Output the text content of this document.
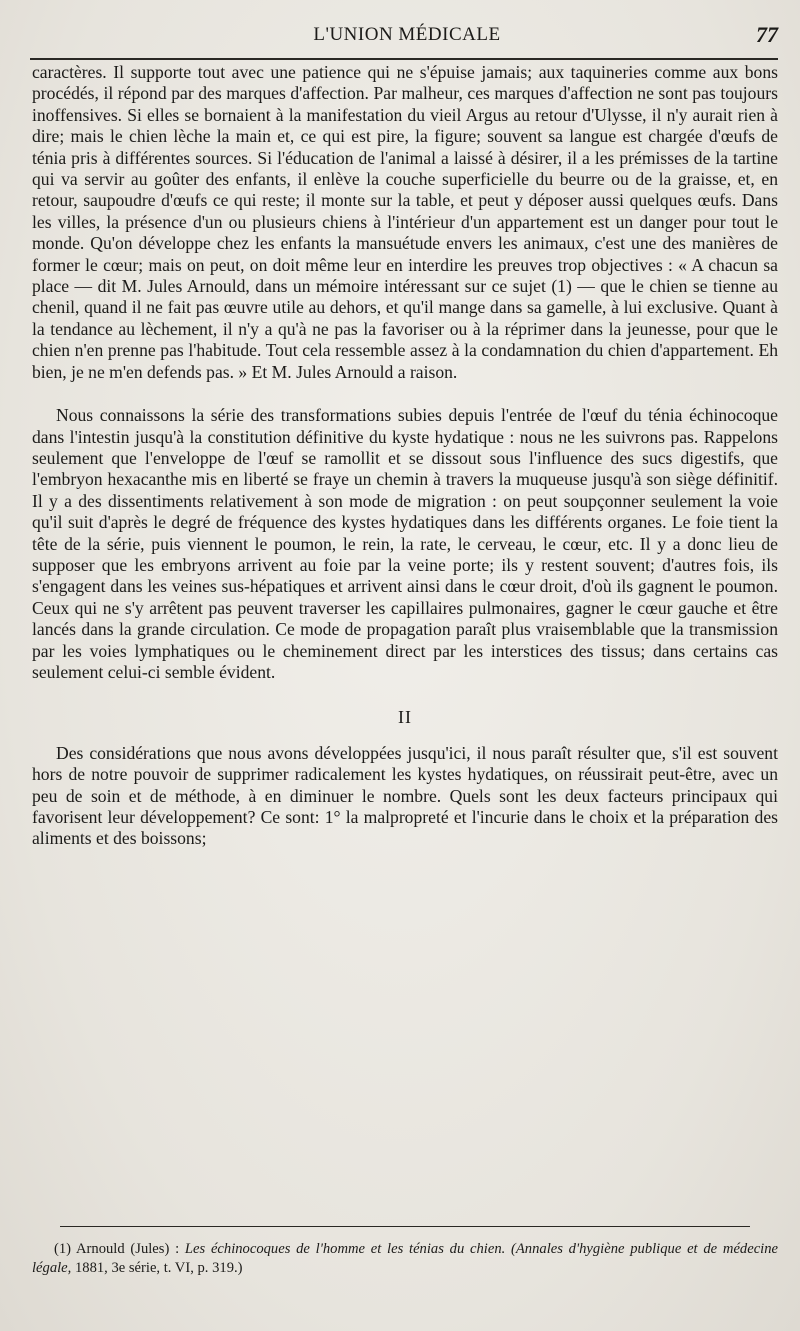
L'UNION MÉDICALE	77

caractères. Il supporte tout avec une patience qui ne s'épuise jamais; aux taquineries comme aux bons procédés, il répond par des marques d'affection. Par malheur, ces marques d'affection ne sont pas toujours inoffensives. Si elles se bornaient à la manifestation du vieil Argus au retour d'Ulysse, il n'y aurait rien à dire; mais le chien lèche la main et, ce qui est pire, la figure; souvent sa langue est chargée d'œufs de ténia pris à différentes sources. Si l'éducation de l'animal a laissé à désirer, il a les prémisses de la tartine qui va servir au goûter des enfants, il enlève la couche superficielle du beurre ou de la graisse, et, en retour, saupoudre d'œufs ce qui reste; il monte sur la table, et peut y déposer aussi quelques œufs. Dans les villes, la présence d'un ou plusieurs chiens à l'intérieur d'un appartement est un danger pour tout le monde. Qu'on développe chez les enfants la mansuétude envers les animaux, c'est une des manières de former le cœur; mais on peut, on doit même leur en interdire les preuves trop objectives : « A chacun sa place — dit M. Jules Arnould, dans un mémoire intéressant sur ce sujet (1) — que le chien se tienne au chenil, quand il ne fait pas œuvre utile au dehors, et qu'il mange dans sa gamelle, à lui exclusive. Quant à la tendance au lèchement, il n'y a qu'à ne pas la favoriser ou à la réprimer dans la jeunesse, pour que le chien n'en prenne pas l'habitude. Tout cela ressemble assez à la condamnation du chien d'appartement. Eh bien, je ne m'en defends pas. » Et M. Jules Arnould a raison.

Nous connaissons la série des transformations subies depuis l'entrée de l'œuf du ténia échinocoque dans l'intestin jusqu'à la constitution définitive du kyste hydatique : nous ne les suivrons pas. Rappelons seulement que l'enveloppe de l'œuf se ramollit et se dissout sous l'influence des sucs digestifs, que l'embryon hexacanthe mis en liberté se fraye un chemin à travers la muqueuse jusqu'à son siège définitif. Il y a des dissentiments relativement à son mode de migration : on peut soupçonner seulement la voie qu'il suit d'après le degré de fréquence des kystes hydatiques dans les différents organes. Le foie tient la tête de la série, puis viennent le poumon, le rein, la rate, le cerveau, le cœur, etc. Il y a donc lieu de supposer que les embryons arrivent au foie par la veine porte; ils y restent souvent; d'autres fois, ils s'engagent dans les veines sus-hépatiques et arrivent ainsi dans le cœur droit, d'où ils gagnent le poumon. Ceux qui ne s'y arrêtent pas peuvent traverser les capillaires pulmonaires, gagner le cœur gauche et être lancés dans la grande circulation. Ce mode de propagation paraît plus vraisemblable que la transmission par les voies lymphatiques ou le cheminement direct par les interstices des tissus; dans certains cas seulement celui-ci semble évident.

II

Des considérations que nous avons développées jusqu'ici, il nous paraît résulter que, s'il est souvent hors de notre pouvoir de supprimer radicalement les kystes hydatiques, on réussirait peut-être, avec un peu de soin et de méthode, à en diminuer le nombre. Quels sont les deux facteurs principaux qui favorisent leur développement? Ce sont: 1° la malpropreté et l'incurie dans le choix et la préparation des aliments et des boissons;

(1) Arnould (Jules) : Les échinocoques de l'homme et les ténias du chien. (Annales d'hygiène publique et de médecine légale, 1881, 3e série, t. VI, p. 319.)
